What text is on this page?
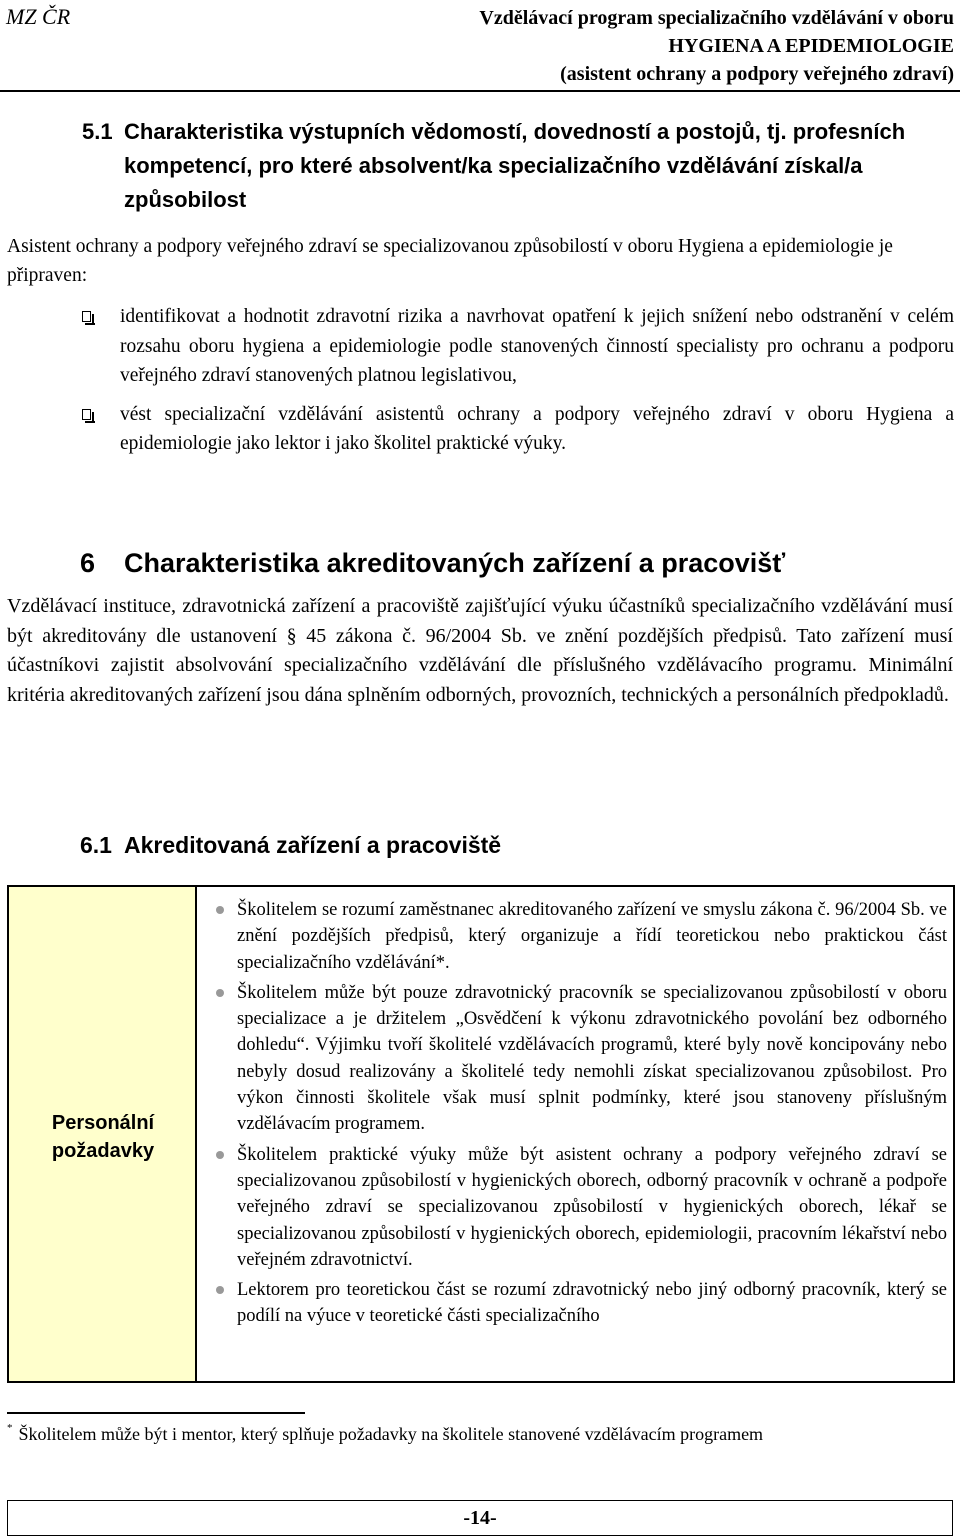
MZ ČR	Vzdělávací program specializačního vzdělávání v oboru
HYGIENA A EPIDEMIOLOGIE
(asistent ochrany a podpory veřejného zdraví)
5.1 Charakteristika výstupních vědomostí, dovedností a postojů, tj. profesních kompetencí, pro které absolvent/ka specializačního vzdělávání získal/a způsobilost
Asistent ochrany a podpory veřejného zdraví se specializovanou způsobilostí v oboru Hygiena a epidemiologie je připraven:
identifikovat a hodnotit zdravotní rizika a navrhovat opatření k jejich snížení nebo odstranění v celém rozsahu oboru hygiena a epidemiologie podle stanovených činností specialisty pro ochranu a podporu veřejného zdraví stanovených platnou legislativou,
vést specializační vzdělávání asistentů ochrany a podpory veřejného zdraví v oboru Hygiena a epidemiologie jako lektor i jako školitel praktické výuky.
6 Charakteristika akreditovaných zařízení a pracovišť
Vzdělávací instituce, zdravotnická zařízení a pracoviště zajišťující výuku účastníků specializačního vzdělávání musí být akreditovány dle ustanovení § 45 zákona č. 96/2004 Sb. ve znění pozdějších předpisů. Tato zařízení musí účastníkovi zajistit absolvování specializačního vzdělávání dle příslušného vzdělávacího programu. Minimální kritéria akreditovaných zařízení jsou dána splněním odborných, provozních, technických a personálních předpokladů.
6.1 Akreditovaná zařízení a pracoviště
Personální
požadavky
Školitelem se rozumí zaměstnanec akreditovaného zařízení ve smyslu zákona č. 96/2004 Sb. ve znění pozdějších předpisů, který organizuje a řídí teoretickou nebo praktickou část specializačního vzdělávání*.
Školitelem může být pouze zdravotnický pracovník se specializovanou způsobilostí v oboru specializace a je držitelem „Osvědčení k výkonu zdravotnického povolání bez odborného dohledu“. Výjimku tvoří školitelé vzdělávacích programů, které byly nově koncipovány nebo nebyly dosud realizovány a školitelé tedy nemohli získat specializovanou způsobilost. Pro výkon činnosti školitele však musí splnit podmínky, které jsou stanoveny příslušným vzdělávacím programem.
Školitelem praktické výuky může být asistent ochrany a podpory veřejného zdraví se specializovanou způsobilostí v hygienických oborech, odborný pracovník v ochraně a podpoře veřejného zdraví se specializovanou způsobilostí v hygienických oborech, lékař se specializovanou způsobilostí v hygienických oborech, epidemiologii, pracovním lékařství nebo veřejném zdravotnictví.
Lektorem pro teoretickou část se rozumí zdravotnický nebo jiný odborný pracovník, který se podílí na výuce v teoretické části specializačního
* Školitelem může být i mentor, který splňuje požadavky na školitele stanovené vzdělávacím programem
-14-
